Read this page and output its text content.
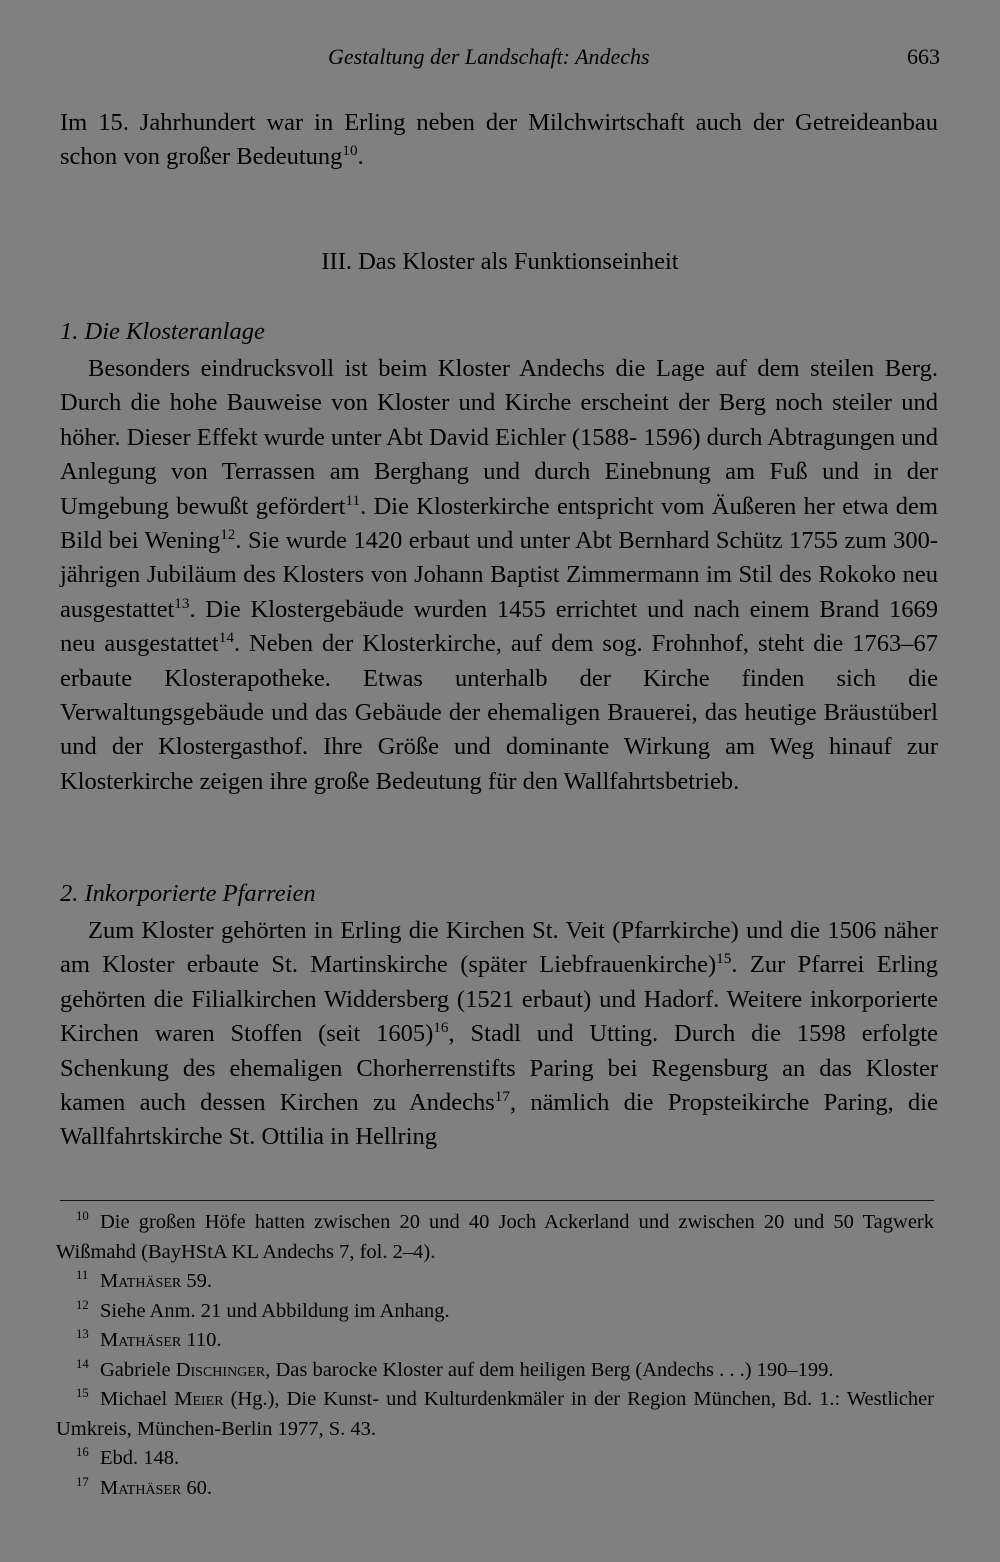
Gestaltung der Landschaft: Andechs	663

Im 15. Jahrhundert war in Erling neben der Milchwirtschaft auch der Getreideanbau schon von großer Bedeutung$^{10}$.

III. Das Kloster als Funktionseinheit
1. Die Klosteranlage

Besonders eindrucksvoll ist beim Kloster Andechs die Lage auf dem steilen Berg. Durch die hohe Bauweise von Kloster und Kirche erscheint der Berg noch steiler und höher. Dieser Effekt wurde unter Abt David Eichler (1588- 1596) durch Abtragungen und Anlegung von Terrassen am Berghang und durch Einebnung am Fuß und in der Umgebung bewußt gefördert$^{11}$. Die Klosterkirche entspricht vom Äußeren her etwa dem Bild bei Wening$^{12}$. Sie wurde 1420 erbaut und unter Abt Bernhard Schütz 1755 zum 300-jährigen Jubiläum des Klosters von Johann Baptist Zimmermann im Stil des Rokoko neu ausgestattet$^{13}$. Die Klostergebäude wurden 1455 errichtet und nach einem Brand 1669 neu ausgestattet$^{14}$. Neben der Klosterkirche, auf dem sog. Frohnhof, steht die 1763–67 erbaute Klosterapotheke. Etwas unterhalb der Kirche finden sich die Verwaltungsgebäude und das Gebäude der ehemaligen Brauerei, das heutige Bräustüberl und der Klostergasthof. Ihre Größe und dominante Wirkung am Weg hinauf zur Klosterkirche zeigen ihre große Bedeutung für den Wallfahrtsbetrieb.

2. Inkorporierte Pfarreien

Zum Kloster gehörten in Erling die Kirchen St. Veit (Pfarrkirche) und die 1506 näher am Kloster erbaute St. Martinskirche (später Liebfrauenkirche)$^{15}$. Zur Pfarrei Erling gehörten die Filialkirchen Widdersberg (1521 erbaut) und Hadorf. Weitere inkorporierte Kirchen waren Stoffen (seit 1605)$^{16}$, Stadl und Utting. Durch die 1598 erfolgte Schenkung des ehemaligen Chorherrenstifts Paring bei Regensburg an das Kloster kamen auch dessen Kirchen zu Andechs$^{17}$, nämlich die Propsteikirche Paring, die Wallfahrtskirche St. Ottilia in Hellring

10 Die großen Höfe hatten zwischen 20 und 40 Joch Ackerland und zwischen 20 und 50 Tagwerk Wißmahd (BayHStA KL Andechs 7, fol. 2–4).

11 Mathäser 59.

12 Siehe Anm. 21 und Abbildung im Anhang.

13 Mathäser 110.

14 Gabriele Dischinger, Das barocke Kloster auf dem heiligen Berg (Andechs . . .) 190–199.

15 Michael Meier (Hg.), Die Kunst- und Kulturdenkmäler in der Region München, Bd. 1.: Westlicher Umkreis, München-Berlin 1977, S. 43.

16 Ebd. 148.

17 Mathäser 60.
